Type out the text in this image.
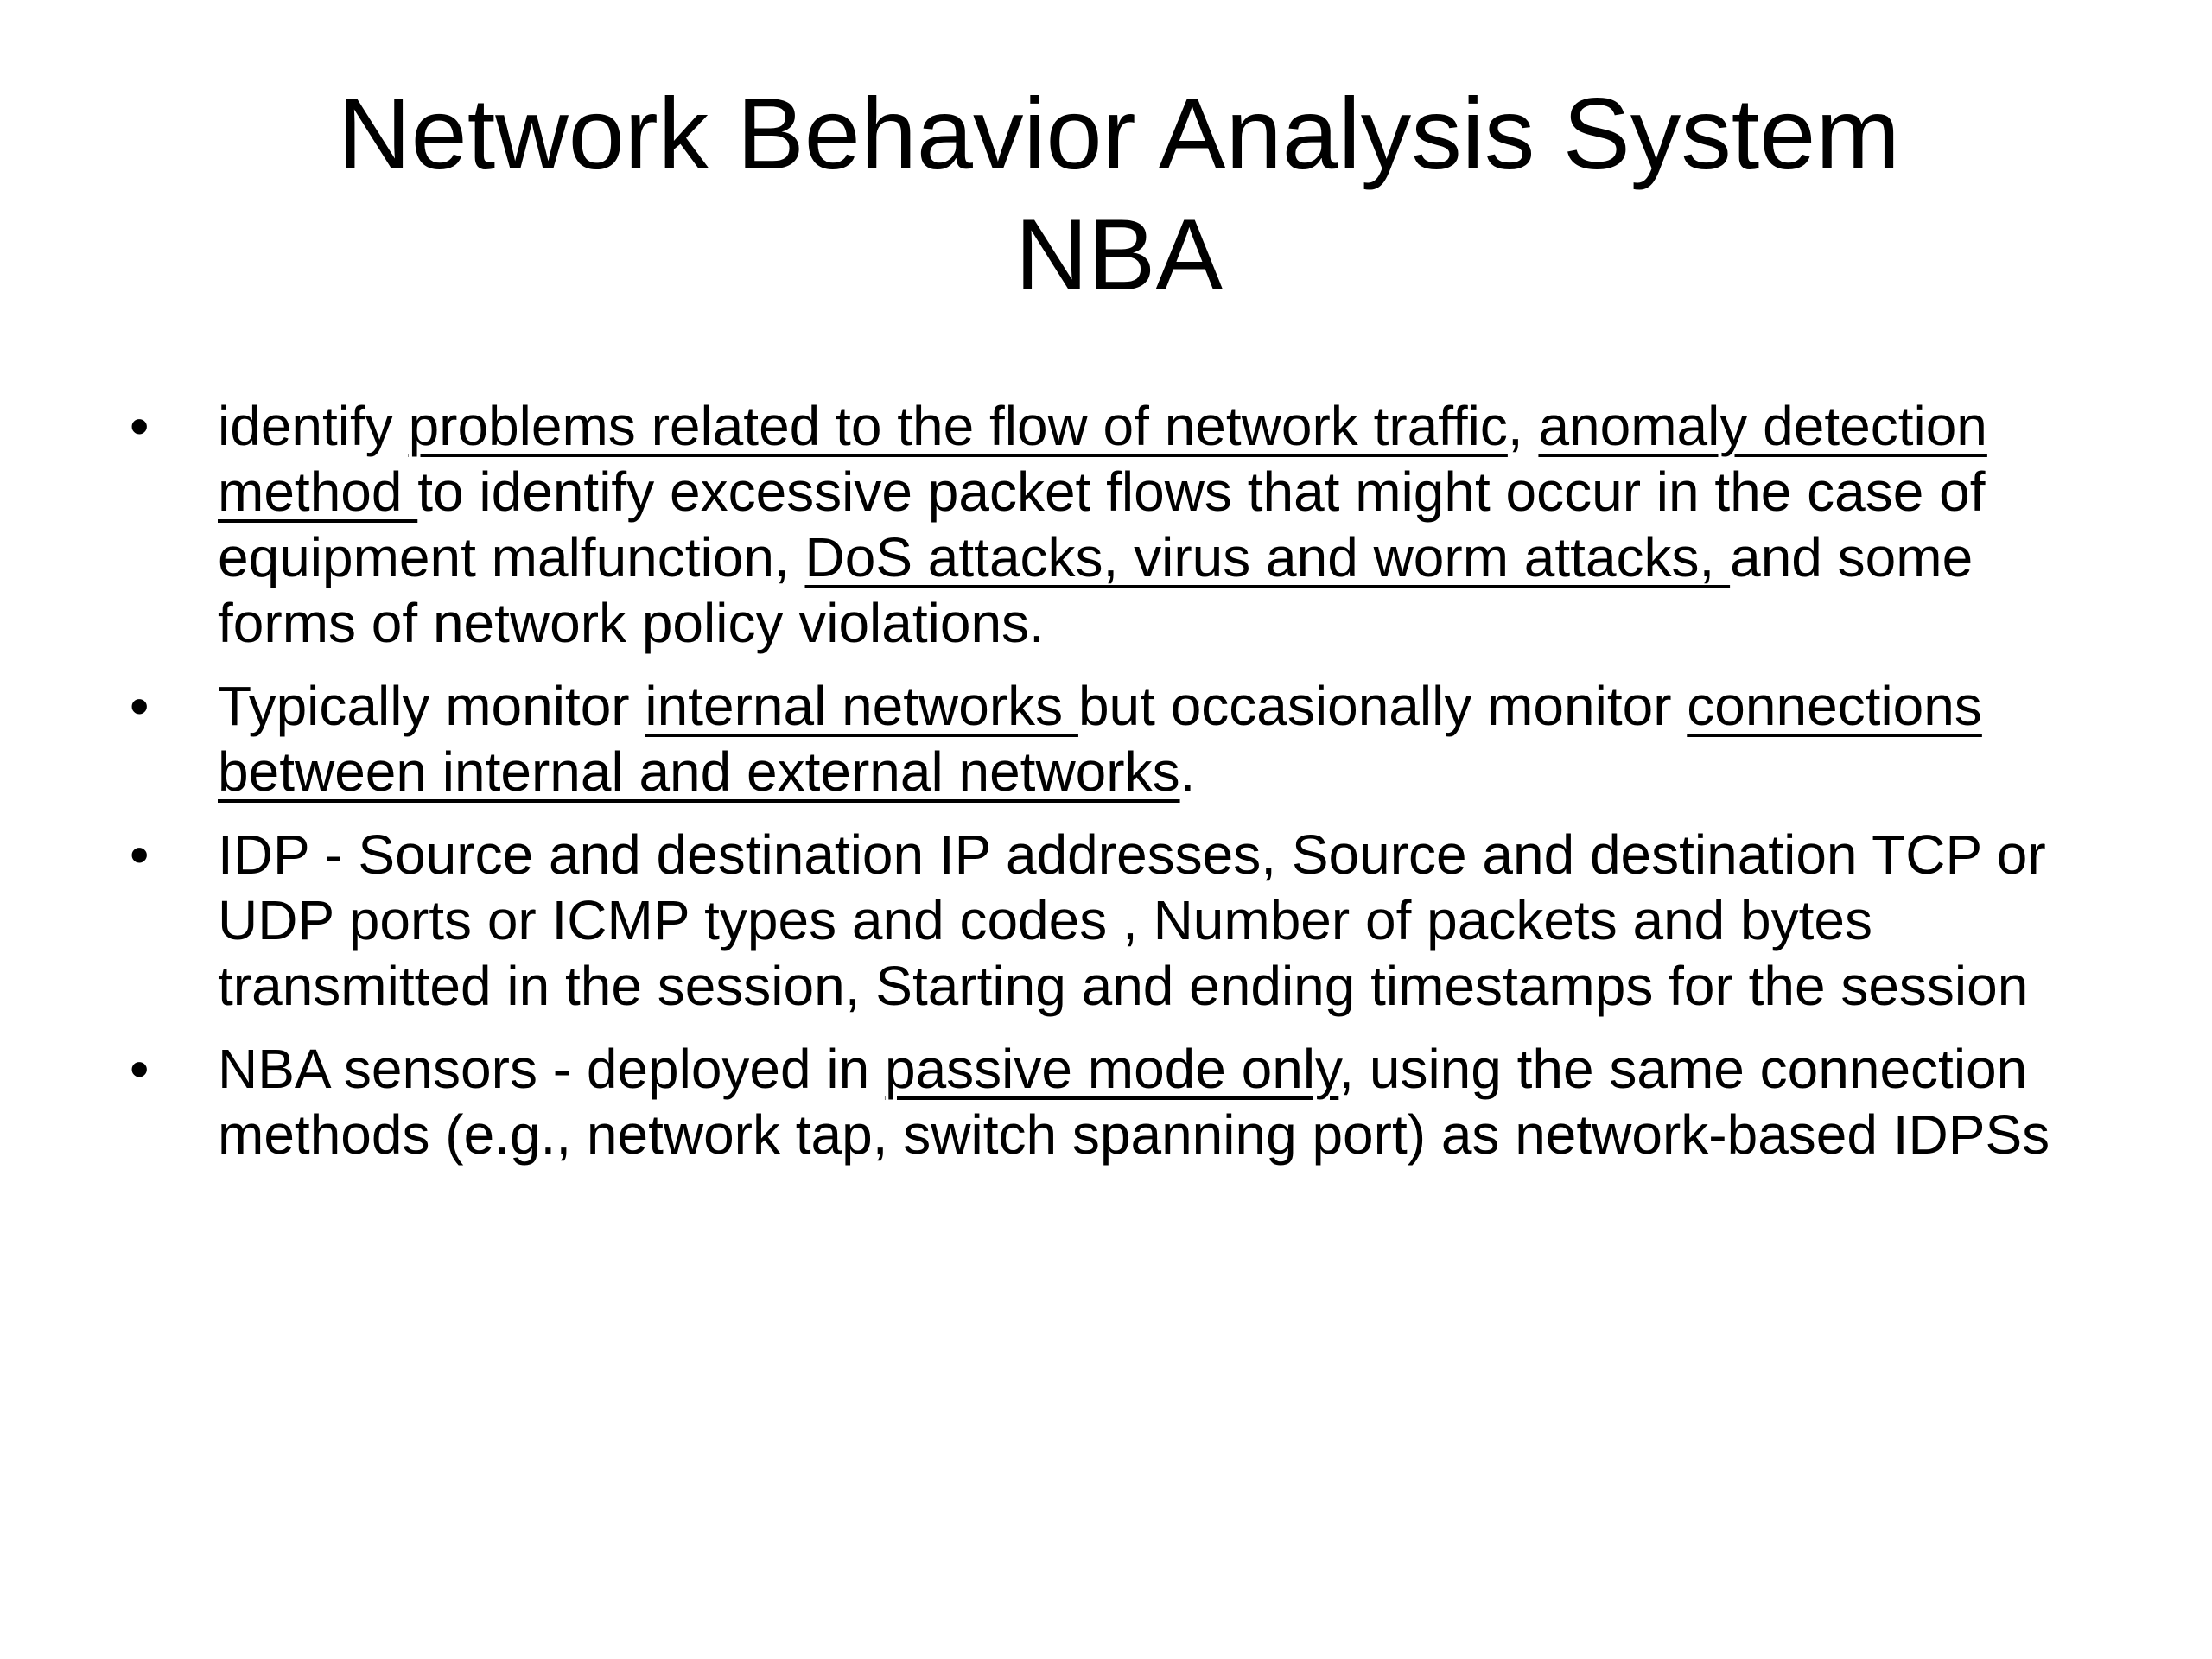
Network Behavior Analysis System
NBA
• identify problems related to the flow of network traffic, anomaly detection method to identify excessive packet flows that might occur in the case of equipment malfunction, DoS attacks, virus and worm attacks, and some forms of network policy violations.
• Typically monitor internal networks but occasionally monitor connections between internal and external networks.
• IDP - Source and destination IP addresses, Source and destination TCP or UDP ports or ICMP types and codes , Number of packets and bytes transmitted in the session, Starting and ending timestamps for the session
• NBA sensors - deployed in passive mode only, using the same connection methods (e.g., network tap, switch spanning port) as network-based IDPSs
